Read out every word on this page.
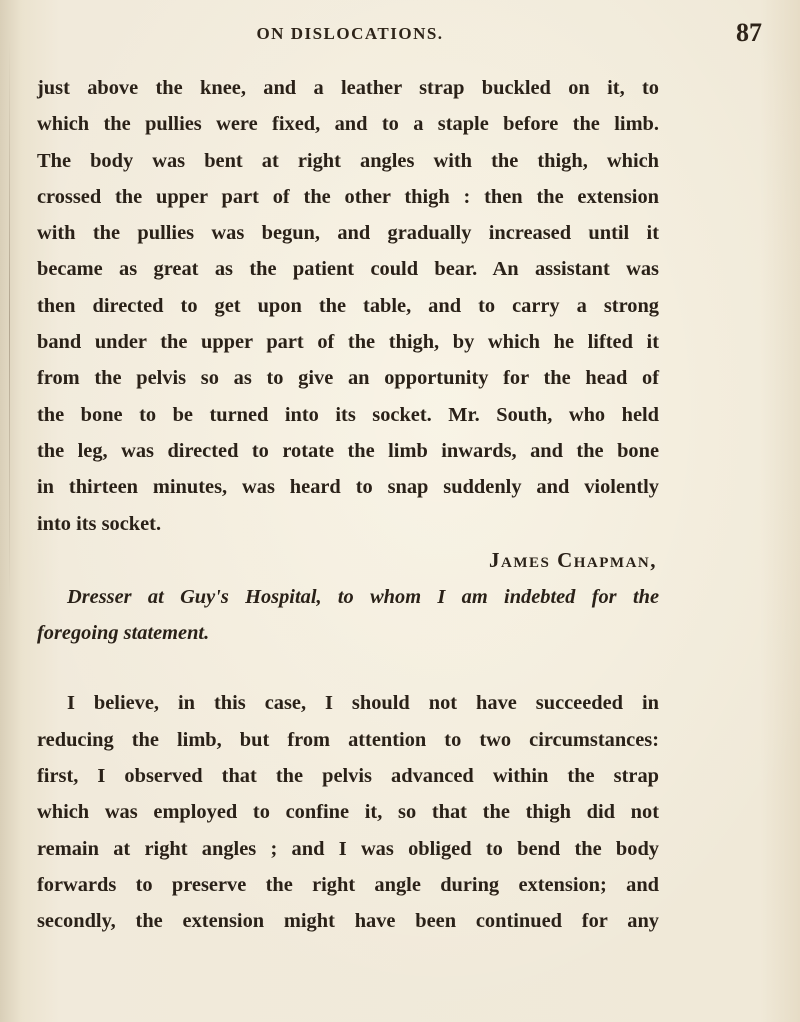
ON DISLOCATIONS.	87
just above the knee, and a leather strap buckled on it, to
which the pullies were fixed, and to a staple before the limb.
The body was bent at right angles with the thigh, which
crossed the upper part of the other thigh : then the extension
with the pullies was begun, and gradually increased until it
became as great as the patient could bear. An assistant was
then directed to get upon the table, and to carry a strong
band under the upper part of the thigh, by which he lifted it
from the pelvis so as to give an opportunity for the head of
the bone to be turned into its socket. Mr. South, who held
the leg, was directed to rotate the limb inwards, and the bone
in thirteen minutes, was heard to snap suddenly and violently
into its socket.
James Chapman,
Dresser at Guy's Hospital, to whom I am indebted for the
foregoing statement.
I believe, in this case, I should not have succeeded in
reducing the limb, but from attention to two circumstances:
first, I observed that the pelvis advanced within the strap
which was employed to confine it, so that the thigh did not
remain at right angles ; and I was obliged to bend the body
forwards to preserve the right angle during extension; and
secondly, the extension might have been continued for any
